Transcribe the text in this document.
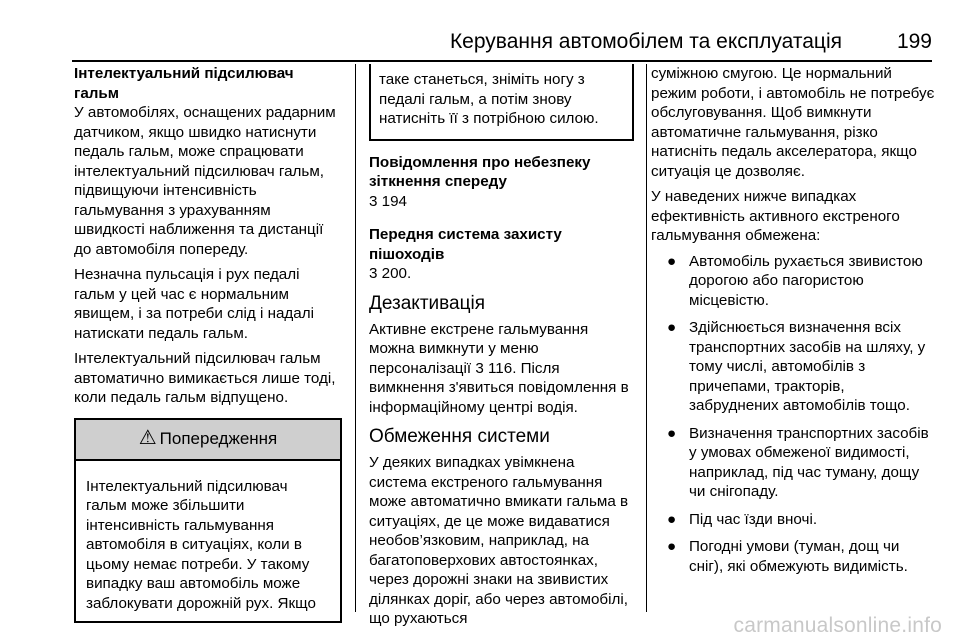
Керування автомобілем та експлуатація	199
Інтелектуальний підсилювач гальм
У автомобілях, оснащених радарним датчиком, якщо швидко натиснути педаль гальм, може спрацювати інтелектуальний підсилювач гальм, підвищуючи інтенсивність гальмування з урахуванням швидкості наближення та дистанції до автомобіля попереду.
Незначна пульсація і рух педалі гальм у цей час є нормальним явищем, і за потреби слід і надалі натискати педаль гальм.
Інтелектуальний підсилювач гальм автоматично вимикається лише тоді, коли педаль гальм відпущено.
⚠ Попередження
Інтелектуальний підсилювач гальм може збільшити інтенсивність гальмування автомобіля в ситуаціях, коли в цьому немає потреби. У такому випадку ваш автомобіль може заблокувати дорожній рух. Якщо
таке станеться, зніміть ногу з педалі гальм, а потім знову натисніть її з потрібною силою.
Повідомлення про небезпеку зіткнення спереду
3 194
Передня система захисту пішоходів
3 200.
Дезактивація
Активне екстрене гальмування можна вимкнути у меню персоналізації 3 116. Після вимкнення з'явиться повідомлення в інформаційному центрі водія.
Обмеження системи
У деяких випадках увімкнена система екстреного гальмування може автоматично вмикати гальма в ситуаціях, де це може видаватися необов’язковим, наприклад, на багатоповерхових автостоянках, через дорожні знаки на звивистих ділянках доріг, або через автомобілі, що рухаються
суміжною смугою. Це нормальний режим роботи, і автомобіль не потребує обслуговування. Щоб вимкнути автоматичне гальмування, різко натисніть педаль акселератора, якщо ситуація це дозволяє.
У наведених нижче випадках ефективність активного екстреного гальмування обмежена:
● Автомобіль рухається звивистою дорогою або пагористою місцевістю.
● Здійснюється визначення всіх транспортних засобів на шляху, у тому числі, автомобілів з причепами, тракторів, забруднених автомобілів тощо.
● Визначення транспортних засобів у умовах обмеженої видимості, наприклад, під час туману, дощу чи снігопаду.
● Під час їзди вночі.
● Погодні умови (туман, дощ чи сніг), які обмежують видимість.
carmanualsonline.info
